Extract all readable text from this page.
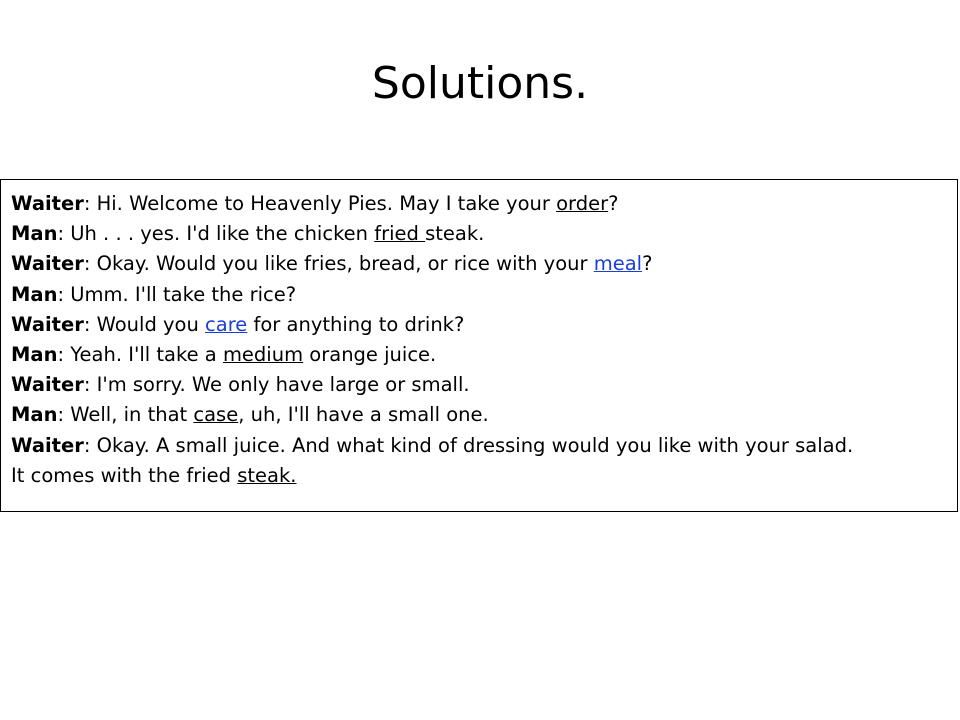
Solutions.
Waiter: Hi. Welcome to Heavenly Pies. May I take your order?
Man: Uh . . . yes. I'd like the chicken fried steak.
Waiter: Okay. Would you like fries, bread, or rice with your meal?
Man: Umm. I'll take the rice?
Waiter: Would you care for anything to drink?
Man: Yeah. I'll take a medium orange juice.
Waiter: I'm sorry. We only have large or small.
Man: Well, in that case, uh, I'll have a small one.
Waiter: Okay. A small juice. And what kind of dressing would you like with your salad.
It comes with the fried steak.
